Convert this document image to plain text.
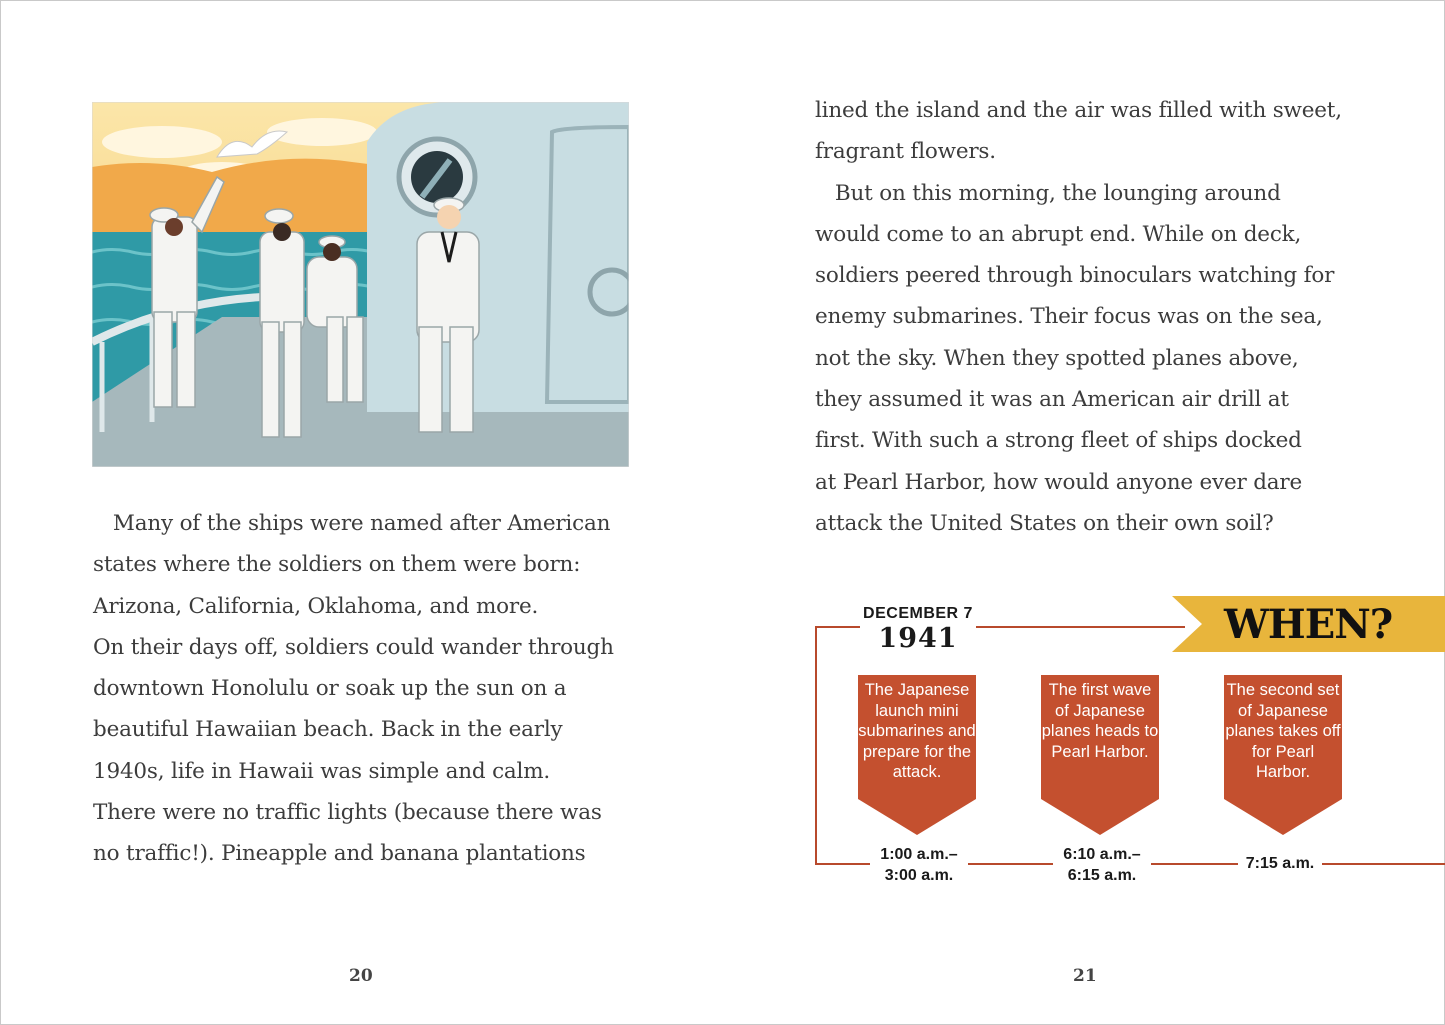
Many of the ships were named after American
states where the soldiers on them were born:
Arizona, California, Oklahoma, and more.
On their days off, soldiers could wander through
downtown Honolulu or soak up the sun on a
beautiful Hawaiian beach. Back in the early
1940s, life in Hawaii was simple and calm.
There were no traffic lights (because there was
no traffic!). Pineapple and banana plantations
lined the island and the air was filled with sweet,
fragrant flowers.
But on this morning, the lounging around
would come to an abrupt end. While on deck,
soldiers peered through binoculars watching for
enemy submarines. Their focus was on the sea,
not the sky. When they spotted planes above,
they assumed it was an American air drill at
first. With such a strong fleet of ships docked
at Pearl Harbor, how would anyone ever dare
attack the United States on their own soil?
WHEN?
DECEMBER 7
1941
The Japanese launch mini submarines and prepare for the attack.
The first wave of Japanese planes heads to Pearl Harbor.
The second set of Japanese planes takes off for Pearl Harbor.
1:00 a.m.–
3:00 a.m.
6:10 a.m.–
6:15 a.m.
7:15 a.m.
20	21
